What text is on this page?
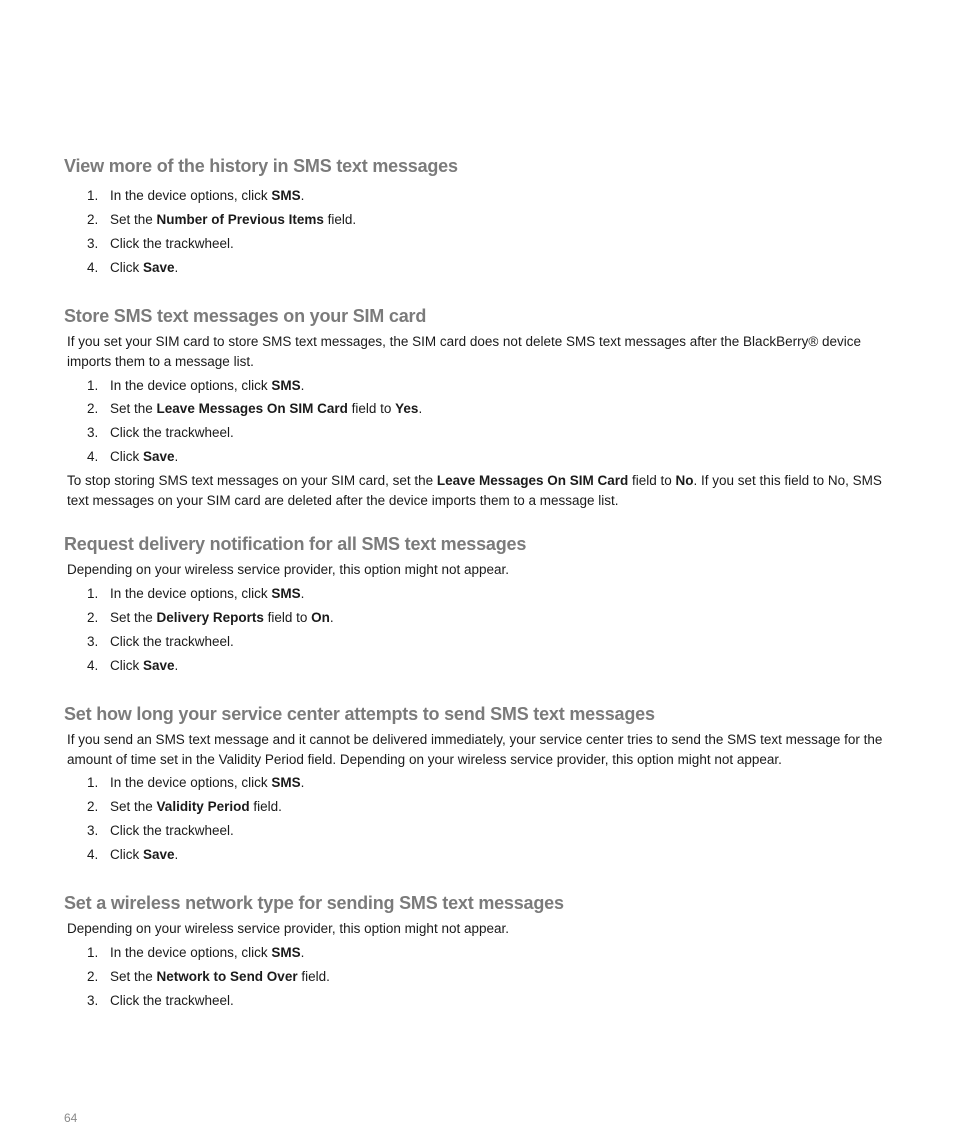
View more of the history in SMS text messages
1. In the device options, click SMS.
2. Set the Number of Previous Items field.
3. Click the trackwheel.
4. Click Save.
Store SMS text messages on your SIM card

If you set your SIM card to store SMS text messages, the SIM card does not delete SMS text messages after the BlackBerry® device imports them to a message list.

1. In the device options, click SMS.
2. Set the Leave Messages On SIM Card field to Yes.
3. Click the trackwheel.
4. Click Save.

To stop storing SMS text messages on your SIM card, set the Leave Messages On SIM Card field to No. If you set this field to No, SMS text messages on your SIM card are deleted after the device imports them to a message list.

Request delivery notification for all SMS text messages

Depending on your wireless service provider, this option might not appear.

1. In the device options, click SMS.
2. Set the Delivery Reports field to On.
3. Click the trackwheel.
4. Click Save.
Set how long your service center attempts to send SMS text messages

If you send an SMS text message and it cannot be delivered immediately, your service center tries to send the SMS text message for the amount of time set in the Validity Period field. Depending on your wireless service provider, this option might not appear.

1. In the device options, click SMS.
2. Set the Validity Period field.
3. Click the trackwheel.
4. Click Save.
Set a wireless network type for sending SMS text messages

Depending on your wireless service provider, this option might not appear.

1. In the device options, click SMS.
2. Set the Network to Send Over field.
3. Click the trackwheel.
64
